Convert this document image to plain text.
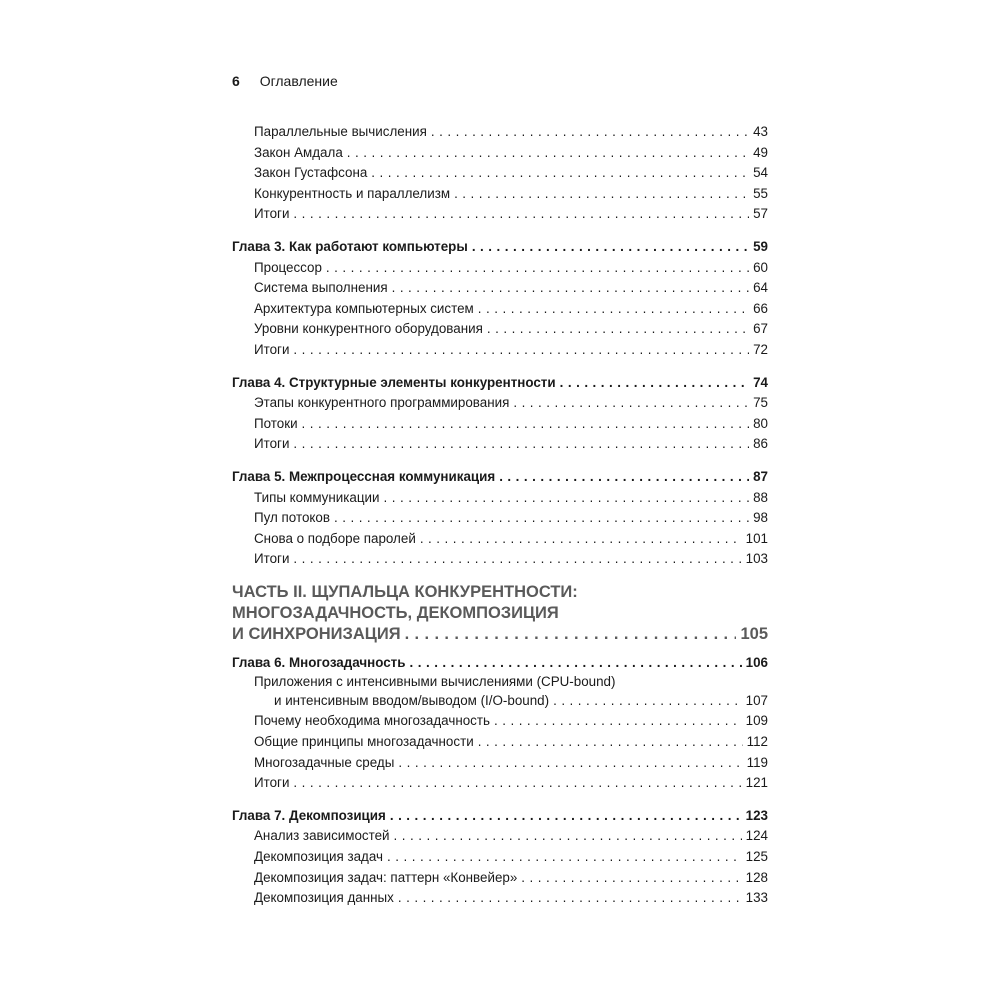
6 Оглавление
Параллельные вычисления . . .	43
Закон Амдала . . .	49
Закон Густафсона . . .	54
Конкурентность и параллелизм . . .	55
Итоги . . .	57
Глава 3. Как работают компьютеры . . .	59
Процессор . . .	60
Система выполнения . . .	64
Архитектура компьютерных систем . . .	66
Уровни конкурентного оборудования . . .	67
Итоги . . .	72
Глава 4. Структурные элементы конкурентности . . .	74
Этапы конкурентного программирования . . .	75
Потоки . . .	80
Итоги . . .	86
Глава 5. Межпроцессная коммуникация . . .	87
Типы коммуникации . . .	88
Пул потоков . . .	98
Снова о подборе паролей . . .	101
Итоги . . .	103
ЧАСТЬ II. ЩУПАЛЬЦА КОНКУРЕНТНОСТИ:
МНОГОЗАДАЧНОСТЬ, ДЕКОМПОЗИЦИЯ
И СИНХРОНИЗАЦИЯ . . .	105
Глава 6. Многозадачность . . .	106
Приложения с интенсивными вычислениями (CPU-bound)
и интенсивным вводом/выводом (I/O-bound) . . .	107
Почему необходима многозадачность . . .	109
Общие принципы многозадачности . . .	112
Многозадачные среды . . .	119
Итоги . . .	121
Глава 7. Декомпозиция . . .	123
Анализ зависимостей . . .	124
Декомпозиция задач . . .	125
Декомпозиция задач: паттерн «Конвейер» . . .	128
Декомпозиция данных . . .	133
